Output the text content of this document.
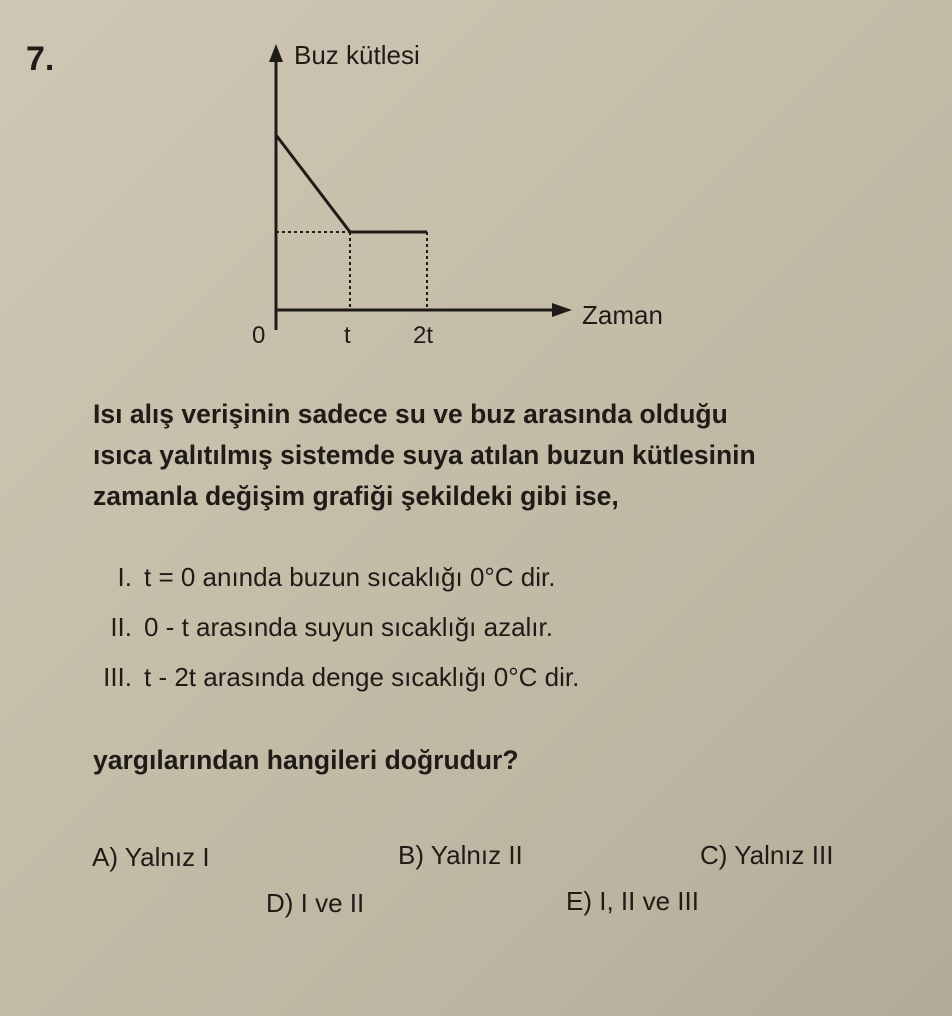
7.	Buz kütlesi
Zaman
0	t	2t
Isı alış verişinin sadece su ve buz arasında olduğu
ısıca yalıtılmış sistemde suya atılan buzun kütlesinin
zamanla değişim grafiği şekildeki gibi ise,
I. t = 0 anında buzun sıcaklığı 0°C dir.
II. 0 - t arasında suyun sıcaklığı azalır.
III. t - 2t arasında denge sıcaklığı 0°C dir.
yargılarından hangileri doğrudur?
A) Yalnız I	B) Yalnız II	C) Yalnız III
D) I ve II	E) I, II ve III
